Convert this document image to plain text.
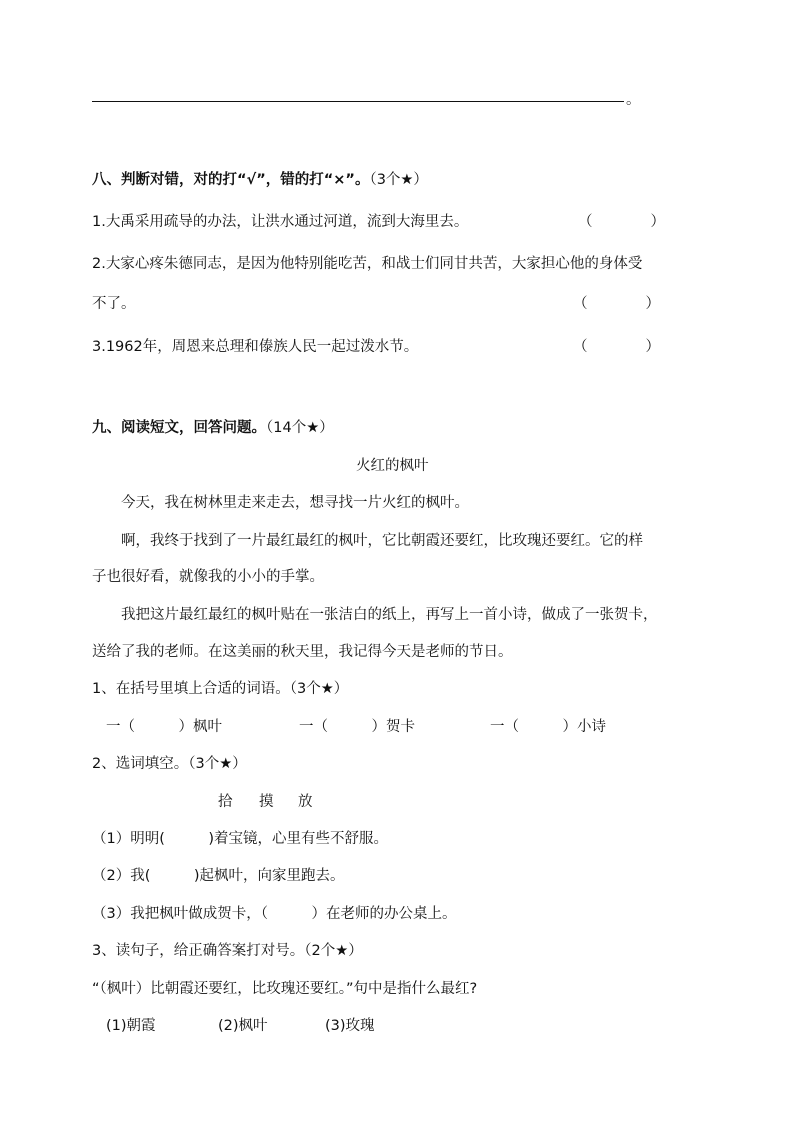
。
八、判断对错，对的打“√”，错的打“×”。（3个★）
1.大禹采用疏导的办法，让洪水通过河道，流到大海里去。	（　　　　）
2.大家心疼朱德同志，是因为他特别能吃苦，和战士们同甘共苦，大家担心他的身体受
不了。	（　　　　）
3.1962年，周恩来总理和傣族人民一起过泼水节。	（　　　　）
九、阅读短文，回答问题。（14个★）
火红的枫叶
今天，我在树林里走来走去，想寻找一片火红的枫叶。
啊，我终于找到了一片最红最红的枫叶，它比朝霞还要红，比玫瑰还要红。它的样
子也很好看，就像我的小小的手掌。
我把这片最红最红的枫叶贴在一张洁白的纸上，再写上一首小诗，做成了一张贺卡，
送给了我的老师。在这美丽的秋天里，我记得今天是老师的节日。
1、在括号里填上合适的词语。（3个★）
一（　　　）枫叶	一（　　　）贺卡	一（　　　）小诗
2、选词填空。（3个★）
拾 摸 放
（1）明明(　　　)着宝镜，心里有些不舒服。
（2）我(　　　)起枫叶，向家里跑去。
（3）我把枫叶做成贺卡，（　　　）在老师的办公桌上。
3、读句子，给正确答案打对号。（2个★）
“（枫叶）比朝霞还要红，比玫瑰还要红。”句中是指什么最红?
(1)朝霞	(2)枫叶	(3)玫瑰
